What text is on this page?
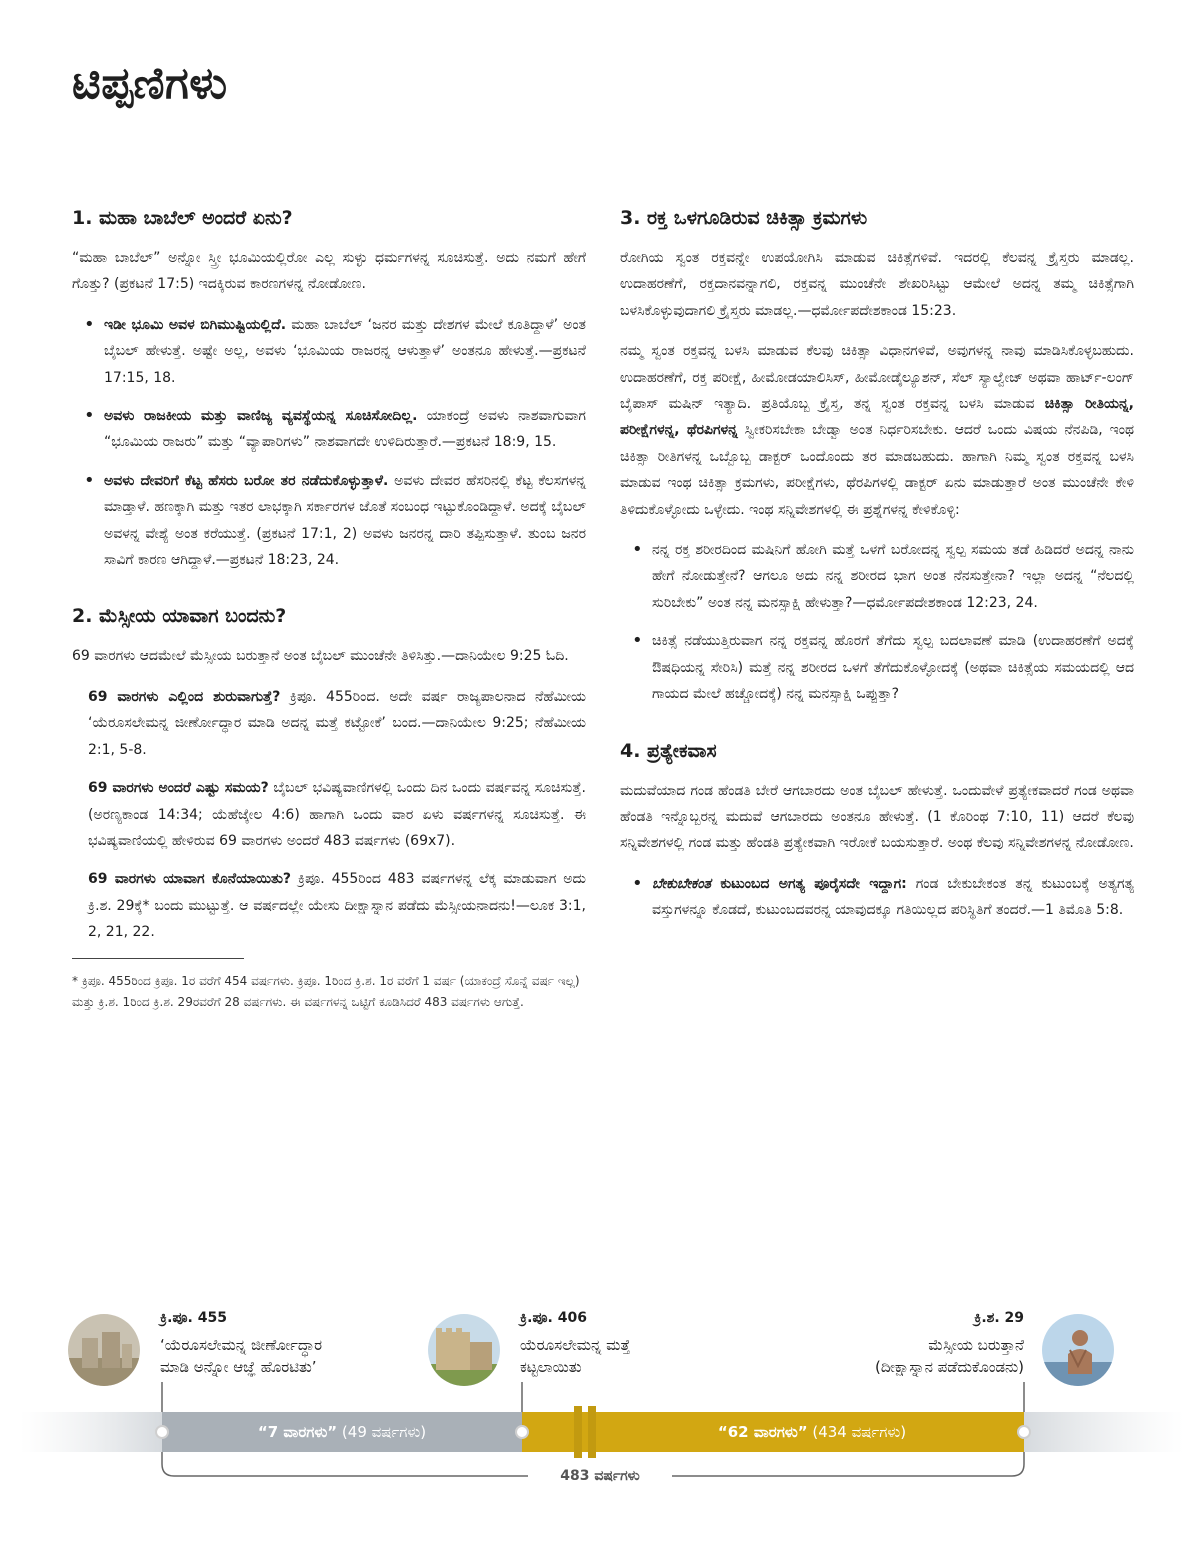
ಟಿಪ್ಪಣಿಗಳು
1. ಮಹಾ ಬಾಬೆಲ್ ಅಂದರೆ ಏನು?

“ಮಹಾ ಬಾಬೆಲ್” ಅನ್ನೋ ಸ್ತ್ರೀ ಭೂಮಿಯಲ್ಲಿರೋ ಎಲ್ಲ ಸುಳ್ಳು ಧರ್ಮಗಳನ್ನ ಸೂಚಿಸುತ್ತೆ. ಅದು ನಮಗೆ ಹೇಗೆ ಗೊತ್ತು? (ಪ್ರಕಟನೆ 17:5) ಇದಕ್ಕಿರುವ ಕಾರಣಗಳನ್ನ ನೋಡೋಣ.

• ಇಡೀ ಭೂಮಿ ಅವಳ ಬಿಗಿಮುಷ್ಟಿಯಲ್ಲಿದೆ. ಮಹಾ ಬಾಬೆಲ್ ‘ಜನರ ಮತ್ತು ದೇಶಗಳ ಮೇಲೆ ಕೂತಿದ್ದಾಳೆ’ ಅಂತ ಬೈಬಲ್ ಹೇಳುತ್ತೆ. ಅಷ್ಟೇ ಅಲ್ಲ, ಅವಳು ‘ಭೂಮಿಯ ರಾಜರನ್ನ ಆಳುತ್ತಾಳೆ’ ಅಂತನೂ ಹೇಳುತ್ತೆ.—ಪ್ರಕಟನೆ 17:15, 18.
• ಅವಳು ರಾಜಕೀಯ ಮತ್ತು ವಾಣಿಜ್ಯ ವ್ಯವಸ್ಥೆಯನ್ನ ಸೂಚಿಸೋದಿಲ್ಲ. ಯಾಕಂದ್ರೆ ಅವಳು ನಾಶವಾಗುವಾಗ “ಭೂಮಿಯ ರಾಜರು” ಮತ್ತು “ವ್ಯಾಪಾರಿಗಳು” ನಾಶವಾಗದೇ ಉಳಿದಿರುತ್ತಾರೆ.—ಪ್ರಕಟನೆ 18:9, 15.
• ಅವಳು ದೇವರಿಗೆ ಕೆಟ್ಟ ಹೆಸರು ಬರೋ ತರ ನಡೆದುಕೊಳ್ಳುತ್ತಾಳೆ. ಅವಳು ದೇವರ ಹೆಸರಿನಲ್ಲಿ ಕೆಟ್ಟ ಕೆಲಸಗಳನ್ನ ಮಾಡ್ತಾಳೆ. ಹಣಕ್ಕಾಗಿ ಮತ್ತು ಇತರ ಲಾಭಕ್ಕಾಗಿ ಸರ್ಕಾರಗಳ ಜೊತೆ ಸಂಬಂಧ ಇಟ್ಟುಕೊಂಡಿದ್ದಾಳೆ. ಅದಕ್ಕೆ ಬೈಬಲ್ ಅವಳನ್ನ ವೇಶ್ಯೆ ಅಂತ ಕರೆಯುತ್ತೆ. (ಪ್ರಕಟನೆ 17:1, 2) ಅವಳು ಜನರನ್ನ ದಾರಿ ತಪ್ಪಿಸುತ್ತಾಳೆ. ತುಂಬ ಜನರ ಸಾವಿಗೆ ಕಾರಣ ಆಗಿದ್ದಾಳೆ.—ಪ್ರಕಟನೆ 18:23, 24.
2. ಮೆಸ್ಸೀಯ ಯಾವಾಗ ಬಂದನು?

69 ವಾರಗಳು ಆದಮೇಲೆ ಮೆಸ್ಸೀಯ ಬರುತ್ತಾನೆ ಅಂತ ಬೈಬಲ್ ಮುಂಚೆನೇ ತಿಳಿಸಿತ್ತು.—ದಾನಿಯೇಲ 9:25 ಓದಿ.

69 ವಾರಗಳು ಎಲ್ಲಿಂದ ಶುರುವಾಗುತ್ತೆ? ಕ್ರಿಪೂ. 455ರಿಂದ. ಅದೇ ವರ್ಷ ರಾಜ್ಯಪಾಲನಾದ ನೆಹೆಮೀಯ ‘ಯೆರೂಸಲೇಮನ್ನ ಜೀರ್ಣೋದ್ಧಾರ ಮಾಡಿ ಅದನ್ನ ಮತ್ತೆ ಕಟ್ಟೋಕೆ’ ಬಂದ.—ದಾನಿಯೇಲ 9:25; ನೆಹೆಮೀಯ 2:1, 5-8.
69 ವಾರಗಳು ಅಂದರೆ ಎಷ್ಟು ಸಮಯ? ಬೈಬಲ್ ಭವಿಷ್ಯವಾಣಿಗಳಲ್ಲಿ ಒಂದು ದಿನ ಒಂದು ವರ್ಷವನ್ನ ಸೂಚಿಸುತ್ತೆ. (ಅರಣ್ಯಕಾಂಡ 14:34; ಯೆಹೆಜ್ಕೇಲ 4:6) ಹಾಗಾಗಿ ಒಂದು ವಾರ ಏಳು ವರ್ಷಗಳನ್ನ ಸೂಚಿಸುತ್ತೆ. ಈ ಭವಿಷ್ಯವಾಣಿಯಲ್ಲಿ ಹೇಳಿರುವ 69 ವಾರಗಳು ಅಂದರೆ 483 ವರ್ಷಗಳು (69x7).
69 ವಾರಗಳು ಯಾವಾಗ ಕೊನೆಯಾಯಿತು? ಕ್ರಿಪೂ. 455ರಿಂದ 483 ವರ್ಷಗಳನ್ನ ಲೆಕ್ಕ ಮಾಡುವಾಗ ಅದು ಕ್ರಿ.ಶ. 29ಕ್ಕೆ* ಬಂದು ಮುಟ್ಟುತ್ತೆ. ಆ ವರ್ಷದಲ್ಲೇ ಯೇಸು ದೀಕ್ಷಾಸ್ನಾನ ಪಡೆದು ಮೆಸ್ಸೀಯನಾದನು!—ಲೂಕ 3:1, 2, 21, 22.
* ಕ್ರಿಪೂ. 455ರಿಂದ ಕ್ರಿಪೂ. 1ರ ವರೆಗೆ 454 ವರ್ಷಗಳು. ಕ್ರಿಪೂ. 1ರಿಂದ ಕ್ರಿ.ಶ. 1ರ ವರೆಗೆ 1 ವರ್ಷ (ಯಾಕಂದ್ರೆ ಸೊನ್ನೆ ವರ್ಷ ಇಲ್ಲ) ಮತ್ತು ಕ್ರಿ.ಶ. 1ರಿಂದ ಕ್ರಿ.ಶ. 29ರವರೆಗೆ 28 ವರ್ಷಗಳು. ಈ ವರ್ಷಗಳನ್ನ ಒಟ್ಟಿಗೆ ಕೂಡಿಸಿದರೆ 483 ವರ್ಷಗಳು ಆಗುತ್ತೆ.
3. ರಕ್ತ ಒಳಗೂಡಿರುವ ಚಿಕಿತ್ಸಾ ಕ್ರಮಗಳು

ರೋಗಿಯ ಸ್ವಂತ ರಕ್ತವನ್ನೇ ಉಪಯೋಗಿಸಿ ಮಾಡುವ ಚಿಕಿತ್ಸೆಗಳಿವೆ. ಇದರಲ್ಲಿ ಕೆಲವನ್ನ ಕ್ರೈಸ್ತರು ಮಾಡಲ್ಲ. ಉದಾಹರಣೆಗೆ, ರಕ್ತದಾನವನ್ನಾಗಲಿ, ರಕ್ತವನ್ನ ಮುಂಚೆನೇ ಶೇಖರಿಸಿಟ್ಟು ಆಮೇಲೆ ಅದನ್ನ ತಮ್ಮ ಚಿಕಿತ್ಸೆಗಾಗಿ ಬಳಸಿಕೊಳ್ಳುವುದಾಗಲಿ ಕ್ರೈಸ್ತರು ಮಾಡಲ್ಲ.—ಧರ್ಮೋಪದೇಶಕಾಂಡ 15:23.

ನಮ್ಮ ಸ್ವಂತ ರಕ್ತವನ್ನ ಬಳಸಿ ಮಾಡುವ ಕೆಲವು ಚಿಕಿತ್ಸಾ ವಿಧಾನಗಳಿವೆ, ಅವುಗಳನ್ನ ನಾವು ಮಾಡಿಸಿಕೊಳ್ಳಬಹುದು. ಉದಾಹರಣೆಗೆ, ರಕ್ತ ಪರೀಕ್ಷೆ, ಹೀಮೋಡಯಾಲಿಸಿಸ್, ಹೀಮೋಡೈಲ್ಯೂಶನ್, ಸೆಲ್ ಸ್ಯಾಲ್ವೇಜ್ ಅಥವಾ ಹಾರ್ಟ್-ಲಂಗ್ ಬೈಪಾಸ್ ಮಷಿನ್ ಇತ್ಯಾದಿ. ಪ್ರತಿಯೊಬ್ಬ ಕ್ರೈಸ್ತ, ತನ್ನ ಸ್ವಂತ ರಕ್ತವನ್ನ ಬಳಸಿ ಮಾಡುವ ಚಿಕಿತ್ಸಾ ರೀತಿಯನ್ನ, ಪರೀಕ್ಷೆಗಳನ್ನ, ಥೆರಪಿಗಳನ್ನ ಸ್ವೀಕರಿಸಬೇಕಾ ಬೇಡ್ವಾ ಅಂತ ನಿರ್ಧರಿಸಬೇಕು. ಆದರೆ ಒಂದು ವಿಷಯ ನೆನಪಿಡಿ, ಇಂಥ ಚಿಕಿತ್ಸಾ ರೀತಿಗಳನ್ನ ಒಬ್ಬೊಬ್ಬ ಡಾಕ್ಟರ್ ಒಂದೊಂದು ತರ ಮಾಡಬಹುದು. ಹಾಗಾಗಿ ನಿಮ್ಮ ಸ್ವಂತ ರಕ್ತವನ್ನ ಬಳಸಿ ಮಾಡುವ ಇಂಥ ಚಿಕಿತ್ಸಾ ಕ್ರಮಗಳು, ಪರೀಕ್ಷೆಗಳು, ಥೆರಪಿಗಳಲ್ಲಿ ಡಾಕ್ಟರ್ ಏನು ಮಾಡುತ್ತಾರೆ ಅಂತ ಮುಂಚೆನೇ ಕೇಳಿ ತಿಳಿದುಕೊಳ್ಳೋದು ಒಳ್ಳೇದು. ಇಂಥ ಸನ್ನಿವೇಶಗಳಲ್ಲಿ ಈ ಪ್ರಶ್ನೆಗಳನ್ನ ಕೇಳಿಕೊಳ್ಳಿ:

• ನನ್ನ ರಕ್ತ ಶರೀರದಿಂದ ಮಷಿನಿಗೆ ಹೋಗಿ ಮತ್ತೆ ಒಳಗೆ ಬರೋದನ್ನ ಸ್ವಲ್ಪ ಸಮಯ ತಡೆ ಹಿಡಿದರೆ ಅದನ್ನ ನಾನು ಹೇಗೆ ನೋಡುತ್ತೇನೆ? ಆಗಲೂ ಅದು ನನ್ನ ಶರೀರದ ಭಾಗ ಅಂತ ನೆನಸುತ್ತೇನಾ? ಇಲ್ಲಾ ಅದನ್ನ “ನೆಲದಲ್ಲಿ ಸುರಿಬೇಕು” ಅಂತ ನನ್ನ ಮನಸ್ಸಾಕ್ಷಿ ಹೇಳುತ್ತಾ?—ಧರ್ಮೋಪದೇಶಕಾಂಡ 12:23, 24.
• ಚಿಕಿತ್ಸೆ ನಡೆಯುತ್ತಿರುವಾಗ ನನ್ನ ರಕ್ತವನ್ನ ಹೊರಗೆ ತೆಗೆದು ಸ್ವಲ್ಪ ಬದಲಾವಣೆ ಮಾಡಿ (ಉದಾಹರಣೆಗೆ ಅದಕ್ಕೆ ಔಷಧಿಯನ್ನ ಸೇರಿಸಿ) ಮತ್ತೆ ನನ್ನ ಶರೀರದ ಒಳಗೆ ತೆಗೆದುಕೊಳ್ಳೋದಕ್ಕೆ (ಅಥವಾ ಚಿಕಿತ್ಸೆಯ ಸಮಯದಲ್ಲಿ ಆದ ಗಾಯದ ಮೇಲೆ ಹಚ್ಚೋದಕ್ಕೆ) ನನ್ನ ಮನಸ್ಸಾಕ್ಷಿ ಒಪ್ಪುತ್ತಾ?
4. ಪ್ರತ್ಯೇಕವಾಸ

ಮದುವೆಯಾದ ಗಂಡ ಹೆಂಡತಿ ಬೇರೆ ಆಗಬಾರದು ಅಂತ ಬೈಬಲ್ ಹೇಳುತ್ತೆ. ಒಂದುವೇಳೆ ಪ್ರತ್ಯೇಕವಾದರೆ ಗಂಡ ಅಥವಾ ಹೆಂಡತಿ ಇನ್ನೊಬ್ಬರನ್ನ ಮದುವೆ ಆಗಬಾರದು ಅಂತನೂ ಹೇಳುತ್ತೆ. (1 ಕೊರಿಂಥ 7:10, 11) ಆದರೆ ಕೆಲವು ಸನ್ನಿವೇಶಗಳಲ್ಲಿ ಗಂಡ ಮತ್ತು ಹೆಂಡತಿ ಪ್ರತ್ಯೇಕವಾಗಿ ಇರೋಕೆ ಬಯಸುತ್ತಾರೆ. ಅಂಥ ಕೆಲವು ಸನ್ನಿವೇಶಗಳನ್ನ ನೋಡೋಣ.

• ಬೇಕುಬೇಕಂತ ಕುಟುಂಬದ ಅಗತ್ಯ ಪೂರೈಸದೇ ಇದ್ದಾಗ: ಗಂಡ ಬೇಕುಬೇಕಂತ ತನ್ನ ಕುಟುಂಬಕ್ಕೆ ಅತ್ಯಗತ್ಯ ವಸ್ತುಗಳನ್ನೂ ಕೊಡದೆ, ಕುಟುಂಬದವರನ್ನ ಯಾವುದಕ್ಕೂ ಗತಿಯಿಲ್ಲದ ಪರಿಸ್ಥಿತಿಗೆ ತಂದರೆ.—1 ತಿಮೊತಿ 5:8.
ಕ್ರಿ.ಪೂ. 455
‘ಯೆರೂಸಲೇಮನ್ನ ಜೀರ್ಣೋದ್ಧಾರ
ಮಾಡಿ ಅನ್ನೋ ಆಜ್ಞೆ ಹೊರಟಿತು’
ಕ್ರಿ.ಪೂ. 406
ಯೆರೂಸಲೇಮನ್ನ ಮತ್ತೆ
ಕಟ್ಟಲಾಯಿತು
ಕ್ರಿ.ಶ. 29
ಮೆಸ್ಸೀಯ ಬರುತ್ತಾನೆ
(ದೀಕ್ಷಾಸ್ನಾನ ಪಡೆದುಕೊಂಡನು)
“7 ವಾರಗಳು” (49 ವರ್ಷಗಳು)	“62 ವಾರಗಳು” (434 ವರ್ಷಗಳು)
483 ವರ್ಷಗಳು
